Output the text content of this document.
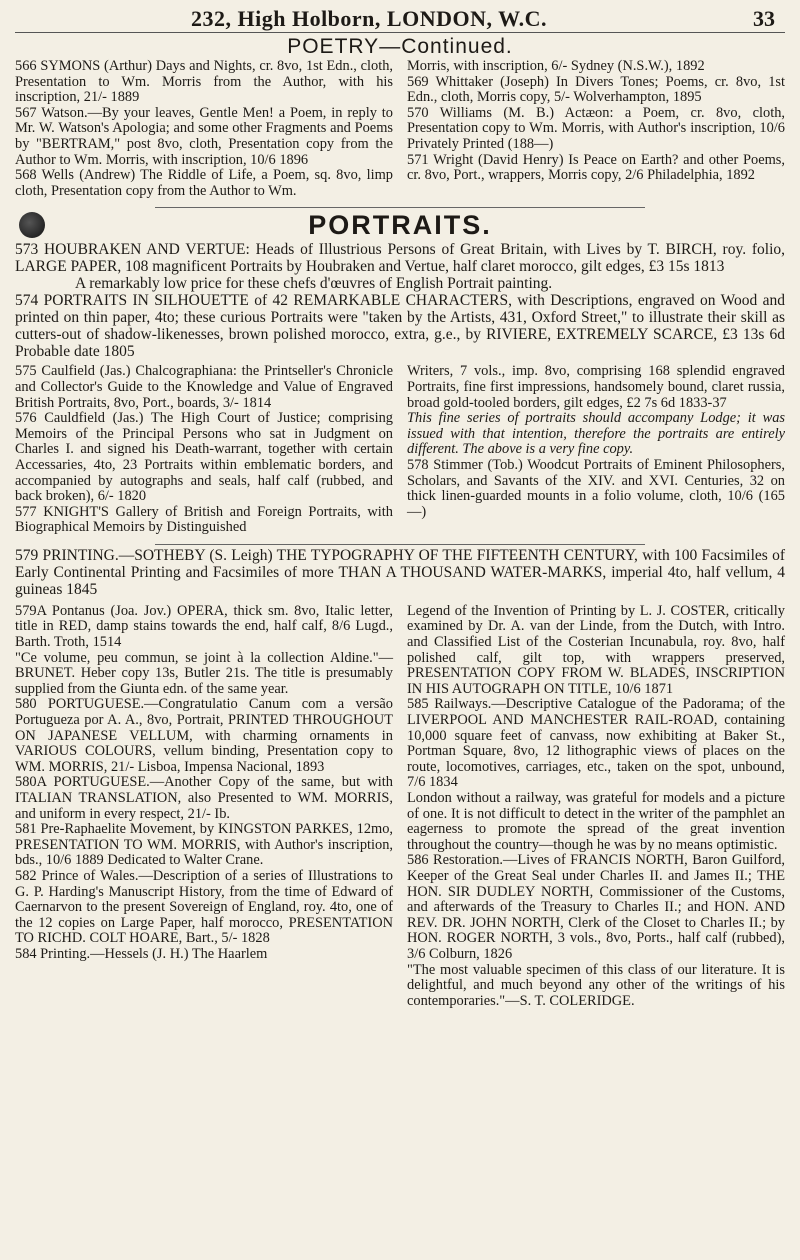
232, High Holborn, LONDON, W.C.	33
POETRY—Continued.

566 SYMONS (Arthur) Days and Nights, cr. 8vo, 1st Edn., cloth, Presentation to Wm. Morris from the Author, with his inscription, 21/- 1889

567 Watson.—By your leaves, Gentle Men! a Poem, in reply to Mr. W. Watson's Apologia; and some other Fragments and Poems by "BERTRAM," post 8vo, cloth, Presentation copy from the Author to Wm. Morris, with inscription, 10/6 1896

568 Wells (Andrew) The Riddle of Life, a Poem, sq. 8vo, limp cloth, Presentation copy from the Author to Wm.

Morris, with inscription, 6/- Sydney (N.S.W.), 1892

569 Whittaker (Joseph) In Divers Tones; Poems, cr. 8vo, 1st Edn., cloth, Morris copy, 5/- Wolverhampton, 1895

570 Williams (M. B.) Actæon: a Poem, cr. 8vo, cloth, Presentation copy to Wm. Morris, with Author's inscription, 10/6 Privately Printed (188—)

571 Wright (David Henry) Is Peace on Earth? and other Poems, cr. 8vo, Port., wrappers, Morris copy, 2/6 Philadelphia, 1892

PORTRAITS.

573 HOUBRAKEN AND VERTUE: Heads of Illustrious Persons of Great Britain, with Lives by T. BIRCH, roy. folio, LARGE PAPER, 108 magnificent Portraits by Houbraken and Vertue, half claret morocco, gilt edges, £3 15s 1813

A remarkably low price for these chefs d'œuvres of English Portrait painting.

574 PORTRAITS IN SILHOUETTE of 42 REMARKABLE CHARACTERS, with Descriptions, engraved on Wood and printed on thin paper, 4to; these curious Portraits were "taken by the Artists, 431, Oxford Street," to illustrate their skill as cutters-out of shadow-likenesses, brown polished morocco, extra, g.e., by RIVIERE, EXTREMELY SCARCE, £3 13s 6d Probable date 1805

575 Caulfield (Jas.) Chalcographiana: the Printseller's Chronicle and Collector's Guide to the Knowledge and Value of Engraved British Portraits, 8vo, Port., boards, 3/- 1814

576 Cauldfield (Jas.) The High Court of Justice; comprising Memoirs of the Principal Persons who sat in Judgment on Charles I. and signed his Death-warrant, together with certain Accessaries, 4to, 23 Portraits within emblematic borders, and accompanied by autographs and seals, half calf (rubbed, and back broken), 6/- 1820

577 KNIGHT'S Gallery of British and Foreign Portraits, with Biographical Memoirs by Distinguished

Writers, 7 vols., imp. 8vo, comprising 168 splendid engraved Portraits, fine first impressions, handsomely bound, claret russia, broad gold-tooled borders, gilt edges, £2 7s 6d 1833-37

This fine series of portraits should accompany Lodge; it was issued with that intention, therefore the portraits are entirely different. The above is a very fine copy.

578 Stimmer (Tob.) Woodcut Portraits of Eminent Philosophers, Scholars, and Savants of the XIV. and XVI. Centuries, 32 on thick linen-guarded mounts in a folio volume, cloth, 10/6 (165—)

579 PRINTING.—SOTHEBY (S. Leigh) THE TYPOGRAPHY OF THE FIFTEENTH CENTURY, with 100 Facsimiles of Early Continental Printing and Facsimiles of more THAN A THOUSAND WATER-MARKS, imperial 4to, half vellum, 4 guineas 1845

579A Pontanus (Joa. Jov.) OPERA, thick sm. 8vo, Italic letter, title in RED, damp stains towards the end, half calf, 8/6 Lugd., Barth. Troth, 1514

"Ce volume, peu commun, se joint à la collection Aldine."—BRUNET. Heber copy 13s, Butler 21s. The title is presumably supplied from the Giunta edn. of the same year.

580 PORTUGUESE.—Congratulatio Canum com a versão Portugueza por A. A., 8vo, Portrait, PRINTED THROUGHOUT ON JAPANESE VELLUM, with charming ornaments in VARIOUS COLOURS, vellum binding, Presentation copy to WM. MORRIS, 21/- Lisboa, Impensa Nacional, 1893

580A PORTUGUESE.—Another Copy of the same, but with ITALIAN TRANSLATION, also Presented to WM. MORRIS, and uniform in every respect, 21/- Ib.

581 Pre-Raphaelite Movement, by KINGSTON PARKES, 12mo, PRESENTATION TO WM. MORRIS, with Author's inscription, bds., 10/6 1889 Dedicated to Walter Crane.

582 Prince of Wales.—Description of a series of Illustrations to G. P. Harding's Manuscript History, from the time of Edward of Caernarvon to the present Sovereign of England, roy. 4to, one of the 12 copies on Large Paper, half morocco, PRESENTATION TO RICHD. COLT HOARE, Bart., 5/- 1828

584 Printing.—Hessels (J. H.) The Haarlem

Legend of the Invention of Printing by L. J. COSTER, critically examined by Dr. A. van der Linde, from the Dutch, with Intro. and Classified List of the Costerian Incunabula, roy. 8vo, half polished calf, gilt top, with wrappers preserved, PRESENTATION COPY FROM W. BLADES, INSCRIPTION IN HIS AUTOGRAPH ON TITLE, 10/6 1871

585 Railways.—Descriptive Catalogue of the Padorama; of the LIVERPOOL AND MANCHESTER RAIL-ROAD, containing 10,000 square feet of canvass, now exhibiting at Baker St., Portman Square, 8vo, 12 lithographic views of places on the route, locomotives, carriages, etc., taken on the spot, unbound, 7/6 1834

London without a railway, was grateful for models and a picture of one. It is not difficult to detect in the writer of the pamphlet an eagerness to promote the spread of the great invention throughout the country—though he was by no means optimistic.

586 Restoration.—Lives of FRANCIS NORTH, Baron Guilford, Keeper of the Great Seal under Charles II. and James II.; THE HON. SIR DUDLEY NORTH, Commissioner of the Customs, and afterwards of the Treasury to Charles II.; and HON. AND REV. DR. JOHN NORTH, Clerk of the Closet to Charles II.; by HON. ROGER NORTH, 3 vols., 8vo, Ports., half calf (rubbed), 3/6 Colburn, 1826

"The most valuable specimen of this class of our literature. It is delightful, and much beyond any other of the writings of his contemporaries."—S. T. COLERIDGE.
